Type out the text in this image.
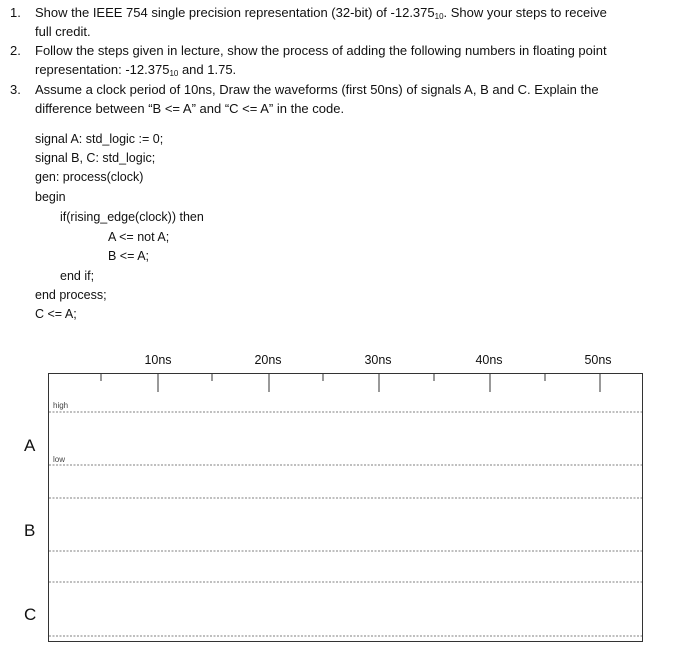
1.	Show the IEEE 754 single precision representation (32-bit) of $-12.375_{10}$. Show your steps to receive
full credit.
2.	Follow the steps given in lecture, show the process of adding the following numbers in floating point
representation: $-12.375_{10}$ and 1.75.
3.	Assume a clock period of 10ns, Draw the waveforms (first 50ns) of signals A, B and C. Explain the
difference between “B <= A” and “C <= A” in the code.
signal A: std_logic := 0;
signal B, C: std_logic;
gen: process(clock)
begin
if(rising_edge(clock)) then
A <= not A;
B <= A;
end if;
end process;
C <= A;
10ns	20ns	30ns	40ns	50ns
high
low
A
B
C
